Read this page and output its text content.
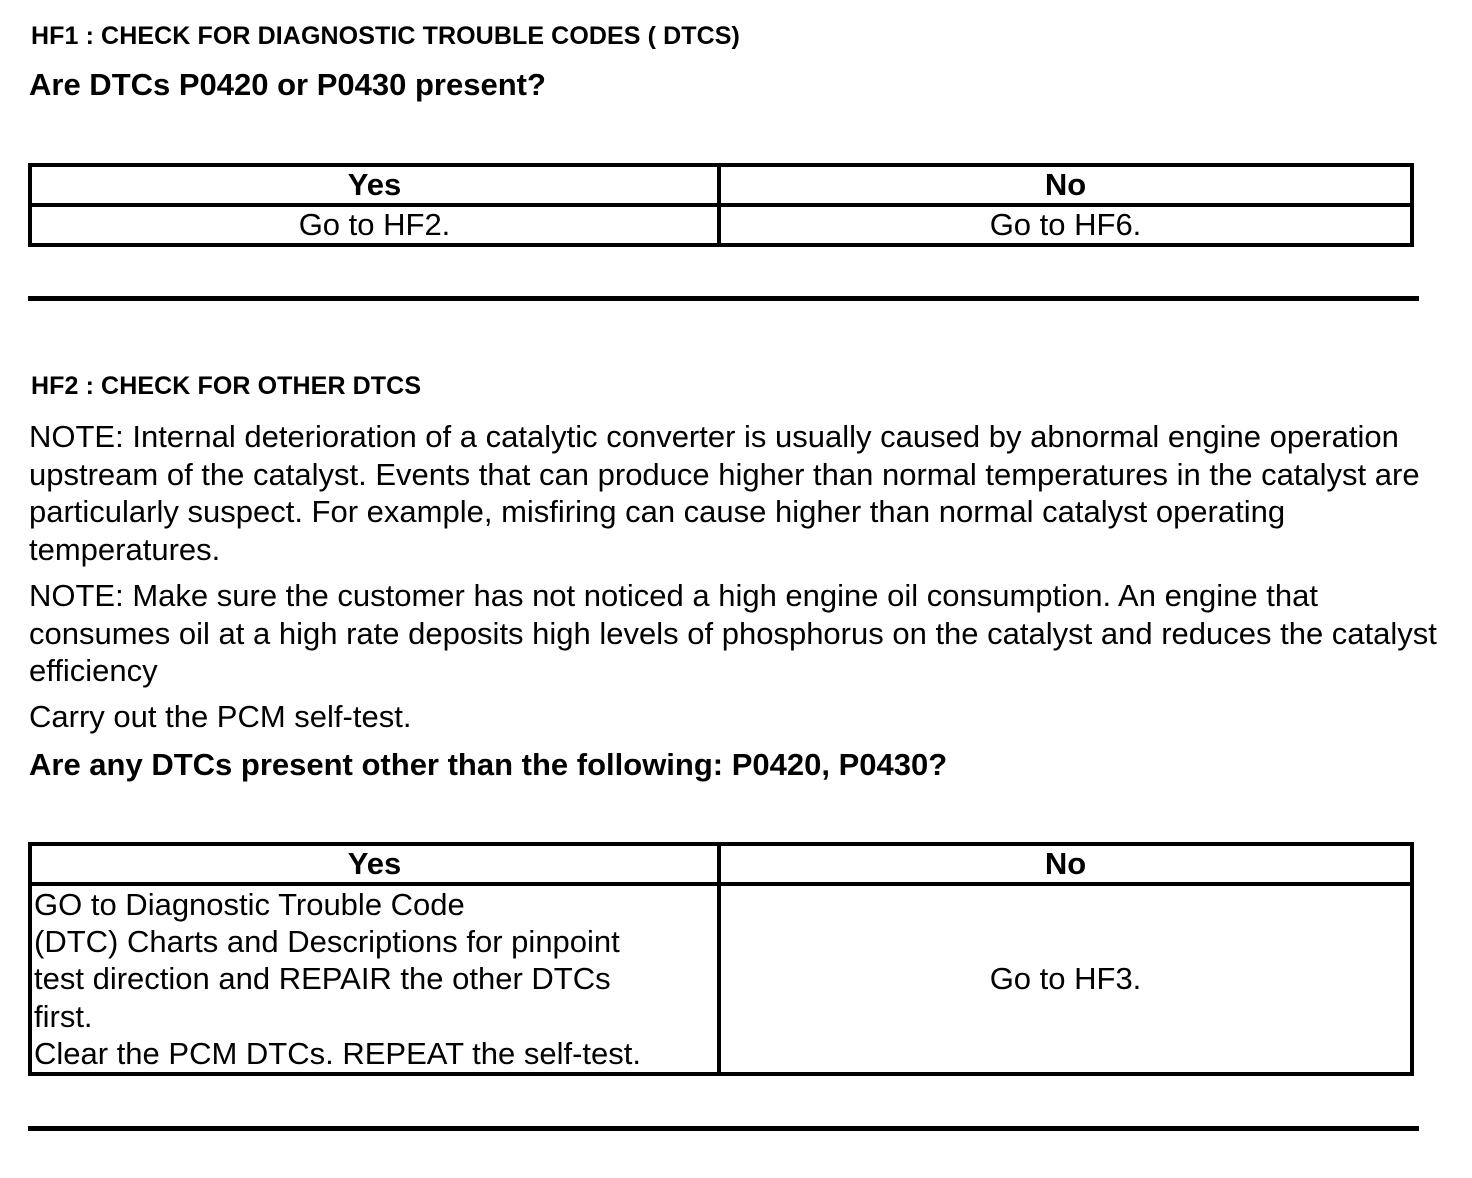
HF1 : CHECK FOR DIAGNOSTIC TROUBLE CODES ( DTCS)
Are DTCs P0420 or P0430 present?
Yes	No
Go to HF2.	Go to HF6.
HF2 : CHECK FOR OTHER DTCS

NOTE: Internal deterioration of a catalytic converter is usually caused by abnormal engine operation upstream of the catalyst. Events that can produce higher than normal temperatures in the catalyst are particularly suspect. For example, misfiring can cause higher than normal catalyst operating temperatures.

NOTE: Make sure the customer has not noticed a high engine oil consumption. An engine that consumes oil at a high rate deposits high levels of phosphorus on the catalyst and reduces the catalyst efficiency

Carry out the PCM self-test.
Are any DTCs present other than the following: P0420, P0430?
Yes	No
GO to Diagnostic Trouble Code
(DTC) Charts and Descriptions for pinpoint
test direction and REPAIR the other DTCs
first.
Clear the PCM DTCs. REPEAT the self-test.	Go to HF3.
